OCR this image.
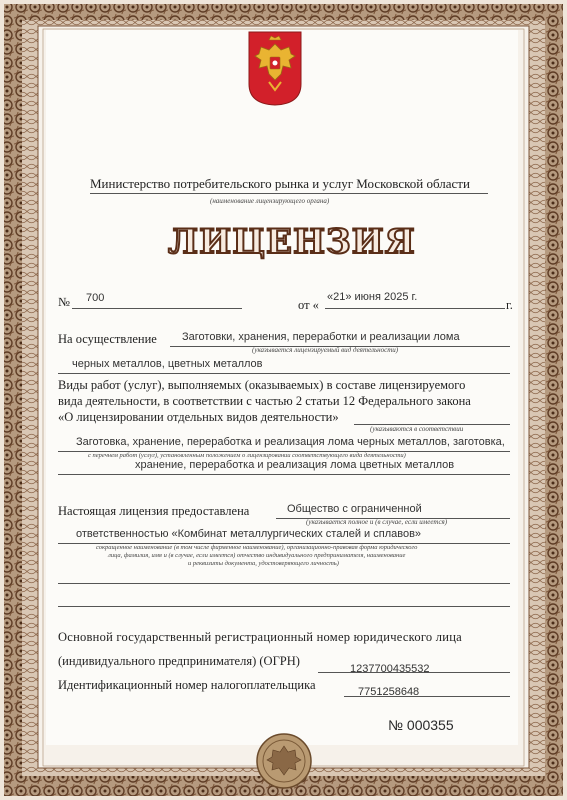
Министерство потребительского рынка и услуг Московской области
(наименование лицензирующего органа)
ЛИЦЕНЗИЯ
№ 700	от «
«21» июня 2025 г.
г.
На осуществление Заготовки, хранения, переработки и реализации лома
(указывается лицензируемый вид деятельности)
черных металлов, цветных металлов
Виды работ (услуг), выполняемых (оказываемых) в составе лицензируемого
вида деятельности, в соответствии с частью 2 статьи 12 Федерального закона
«О лицензировании отдельных видов деятельности»
(указываются в соответствии
Заготовка, хранение, переработка и реализация лома черных металлов, заготовка,
с перечнем работ (услуг), установленным положением о лицензировании соответствующего вида деятельности)
хранение, переработка и реализация лома цветных металлов
Настоящая лицензия предоставлена	Общество с ограниченной
(указывается полное и (в случае, если имеется)
ответственностью «Комбинат металлургических сталей и сплавов»
сокращенное наименование (в том числе фирменное наименование), организационно-правовая форма юридического
лица, фамилия, имя и (в случае, если имеется) отчество индивидуального предпринимателя, наименование
и реквизиты документа, удостоверяющего личность)
Основной государственный регистрационный номер юридического лица
(индивидуального предпринимателя) (ОГРН)
1237700435532
Идентификационный номер налогоплательщика	7751258648
№ 000355
